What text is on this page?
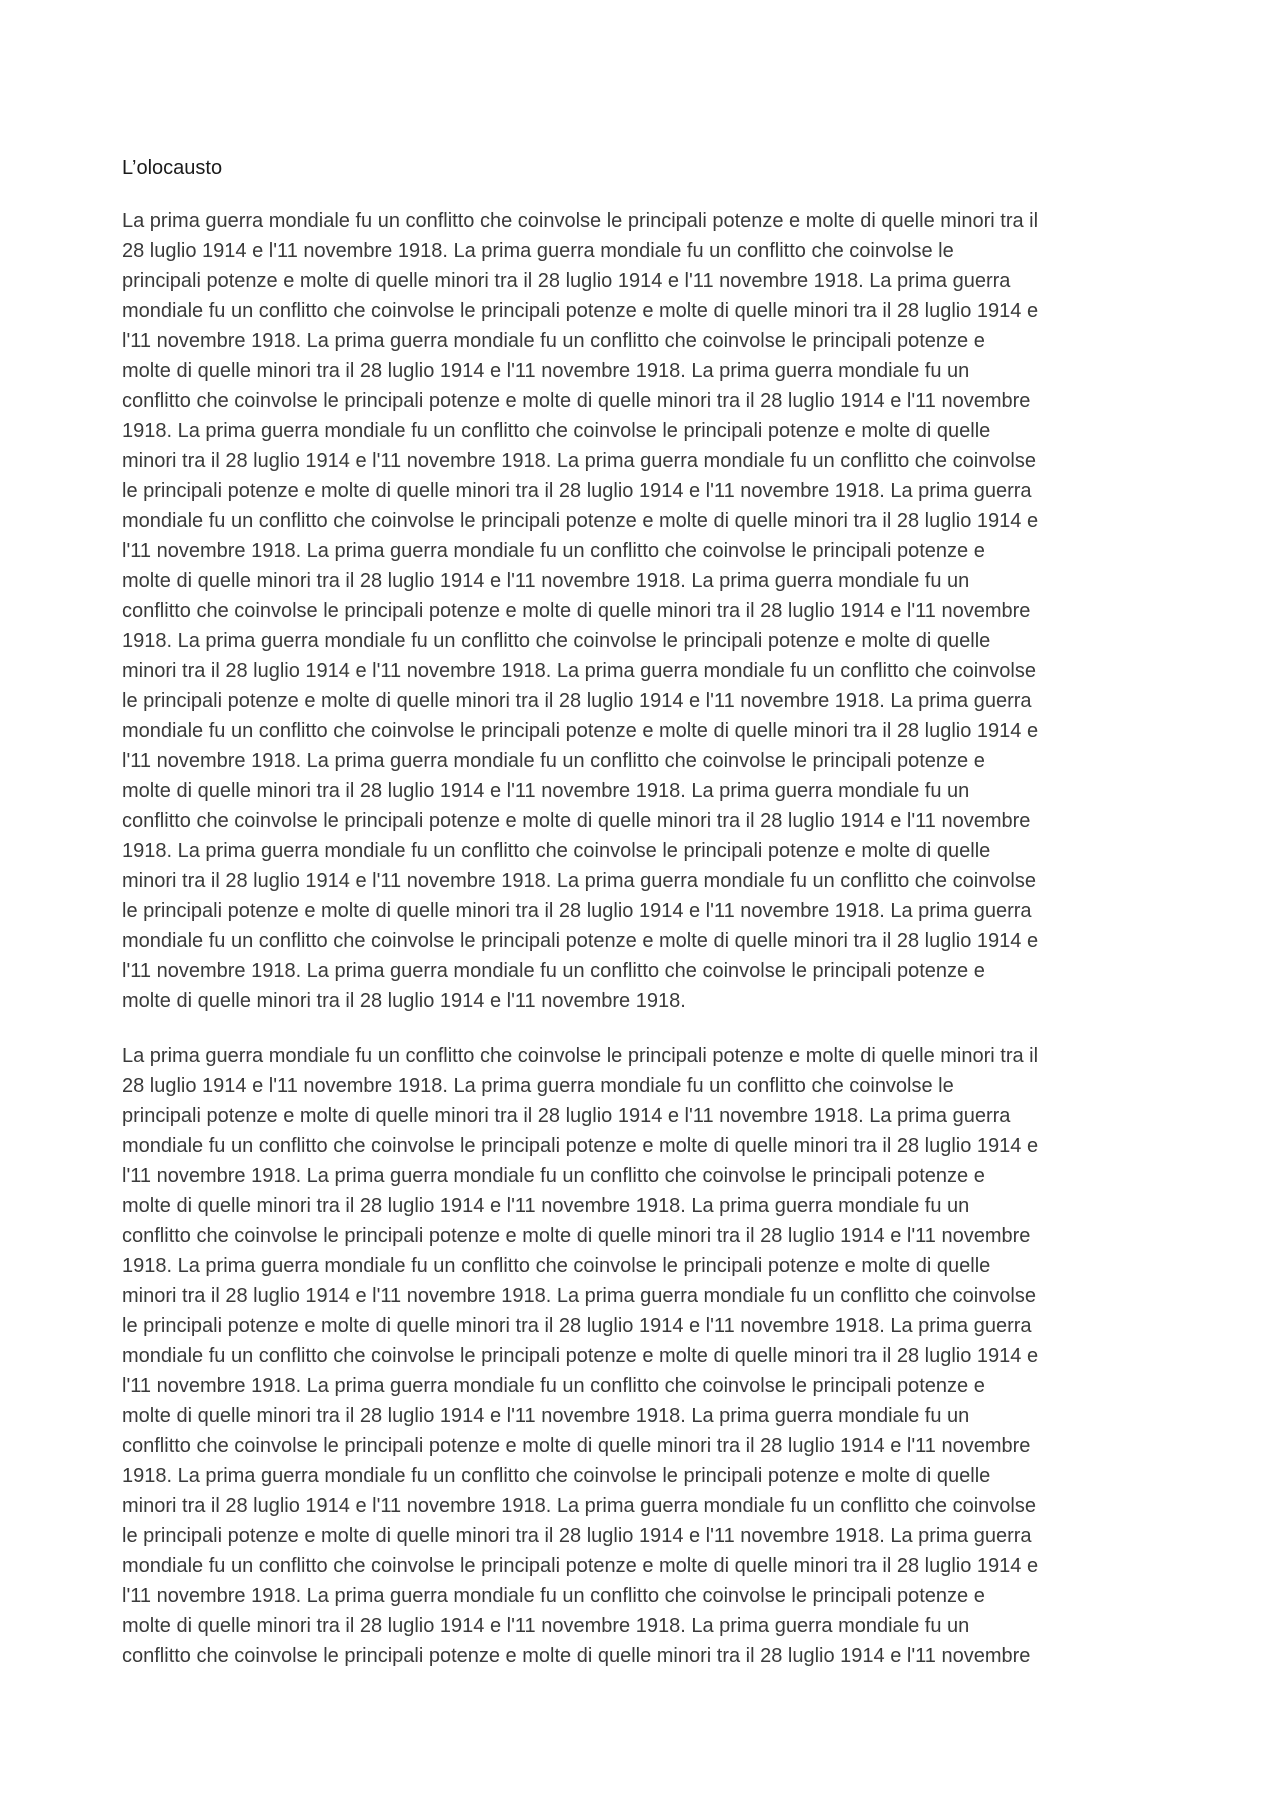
L’olocausto

La prima guerra mondiale fu un conflitto che coinvolse le principali potenze e molte di quelle minori tra il
28 luglio 1914 e l'11 novembre 1918. La prima guerra mondiale fu un conflitto che coinvolse le
principali potenze e molte di quelle minori tra il 28 luglio 1914 e l'11 novembre 1918. La prima guerra
mondiale fu un conflitto che coinvolse le principali potenze e molte di quelle minori tra il 28 luglio 1914 e
l'11 novembre 1918. La prima guerra mondiale fu un conflitto che coinvolse le principali potenze e
molte di quelle minori tra il 28 luglio 1914 e l'11 novembre 1918. La prima guerra mondiale fu un
conflitto che coinvolse le principali potenze e molte di quelle minori tra il 28 luglio 1914 e l'11 novembre
1918. La prima guerra mondiale fu un conflitto che coinvolse le principali potenze e molte di quelle
minori tra il 28 luglio 1914 e l'11 novembre 1918. La prima guerra mondiale fu un conflitto che coinvolse
le principali potenze e molte di quelle minori tra il 28 luglio 1914 e l'11 novembre 1918. La prima guerra
mondiale fu un conflitto che coinvolse le principali potenze e molte di quelle minori tra il 28 luglio 1914 e
l'11 novembre 1918. La prima guerra mondiale fu un conflitto che coinvolse le principali potenze e
molte di quelle minori tra il 28 luglio 1914 e l'11 novembre 1918. La prima guerra mondiale fu un
conflitto che coinvolse le principali potenze e molte di quelle minori tra il 28 luglio 1914 e l'11 novembre
1918. La prima guerra mondiale fu un conflitto che coinvolse le principali potenze e molte di quelle
minori tra il 28 luglio 1914 e l'11 novembre 1918. La prima guerra mondiale fu un conflitto che coinvolse
le principali potenze e molte di quelle minori tra il 28 luglio 1914 e l'11 novembre 1918. La prima guerra
mondiale fu un conflitto che coinvolse le principali potenze e molte di quelle minori tra il 28 luglio 1914 e
l'11 novembre 1918. La prima guerra mondiale fu un conflitto che coinvolse le principali potenze e
molte di quelle minori tra il 28 luglio 1914 e l'11 novembre 1918. La prima guerra mondiale fu un
conflitto che coinvolse le principali potenze e molte di quelle minori tra il 28 luglio 1914 e l'11 novembre
1918. La prima guerra mondiale fu un conflitto che coinvolse le principali potenze e molte di quelle
minori tra il 28 luglio 1914 e l'11 novembre 1918. La prima guerra mondiale fu un conflitto che coinvolse
le principali potenze e molte di quelle minori tra il 28 luglio 1914 e l'11 novembre 1918. La prima guerra
mondiale fu un conflitto che coinvolse le principali potenze e molte di quelle minori tra il 28 luglio 1914 e
l'11 novembre 1918. La prima guerra mondiale fu un conflitto che coinvolse le principali potenze e
molte di quelle minori tra il 28 luglio 1914 e l'11 novembre 1918.

La prima guerra mondiale fu un conflitto che coinvolse le principali potenze e molte di quelle minori tra il
28 luglio 1914 e l'11 novembre 1918. La prima guerra mondiale fu un conflitto che coinvolse le
principali potenze e molte di quelle minori tra il 28 luglio 1914 e l'11 novembre 1918. La prima guerra
mondiale fu un conflitto che coinvolse le principali potenze e molte di quelle minori tra il 28 luglio 1914 e
l'11 novembre 1918. La prima guerra mondiale fu un conflitto che coinvolse le principali potenze e
molte di quelle minori tra il 28 luglio 1914 e l'11 novembre 1918. La prima guerra mondiale fu un
conflitto che coinvolse le principali potenze e molte di quelle minori tra il 28 luglio 1914 e l'11 novembre
1918. La prima guerra mondiale fu un conflitto che coinvolse le principali potenze e molte di quelle
minori tra il 28 luglio 1914 e l'11 novembre 1918. La prima guerra mondiale fu un conflitto che coinvolse
le principali potenze e molte di quelle minori tra il 28 luglio 1914 e l'11 novembre 1918. La prima guerra
mondiale fu un conflitto che coinvolse le principali potenze e molte di quelle minori tra il 28 luglio 1914 e
l'11 novembre 1918. La prima guerra mondiale fu un conflitto che coinvolse le principali potenze e
molte di quelle minori tra il 28 luglio 1914 e l'11 novembre 1918. La prima guerra mondiale fu un
conflitto che coinvolse le principali potenze e molte di quelle minori tra il 28 luglio 1914 e l'11 novembre
1918. La prima guerra mondiale fu un conflitto che coinvolse le principali potenze e molte di quelle
minori tra il 28 luglio 1914 e l'11 novembre 1918. La prima guerra mondiale fu un conflitto che coinvolse
le principali potenze e molte di quelle minori tra il 28 luglio 1914 e l'11 novembre 1918. La prima guerra
mondiale fu un conflitto che coinvolse le principali potenze e molte di quelle minori tra il 28 luglio 1914 e
l'11 novembre 1918. La prima guerra mondiale fu un conflitto che coinvolse le principali potenze e
molte di quelle minori tra il 28 luglio 1914 e l'11 novembre 1918. La prima guerra mondiale fu un
conflitto che coinvolse le principali potenze e molte di quelle minori tra il 28 luglio 1914 e l'11 novembre
